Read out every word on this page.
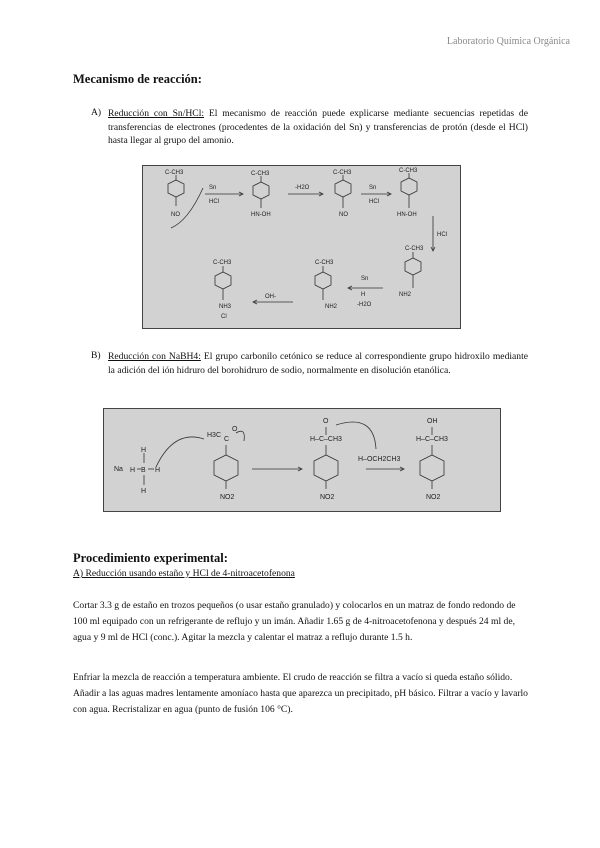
Laboratorio Química Orgánica
Mecanismo de reacción:
A) Reducción con Sn/HCl: El mecanismo de reacción puede explicarse mediante secuencias repetidas de transferencias de electrones (procedentes de la oxidación del Sn) y transferencias de protón (desde el HCl) hasta llegar al grupo del amonio.
C-CH3
NO
Sn
HCl
C-CH3
HN-OH
-H2O
C-CH3
NO
Sn
HCl
C-CH3
HN-OH
HCl
C-CH3
NH2
Sn
H
-H2O
C-CH3
NH2
OH-
C-CH3
NH3
Cl
B) Reducción con NaBH4: El grupo carbonilo cetónico se reduce al correspondiente grupo hidroxilo mediante la adición del ión hidruro del borohidruro de sodio, normalmente en disolución etanólica.
Na	B
H
H
H	H
H3C
C
O
NO2
O
H–C–CH3
NO2
H–OCH2CH3
OH
H–C–CH3
NO2
Procedimiento experimental:
A) Reducción usando estaño y HCl de 4-nitroacetofenona
Cortar 3.3 g de estaño en trozos pequeños (o usar estaño granulado) y colocarlos en un matraz de fondo redondo de 100 ml equipado con un refrigerante de reflujo y un imán. Añadir 1.65 g de 4-nitroacetofenona y después 24 ml de, agua y 9 ml de HCl (conc.). Agitar la mezcla y calentar el matraz a reflujo durante 1.5 h.
Enfriar la mezcla de reacción a temperatura ambiente. El crudo de reacción se filtra a vacío si queda estaño sólido. Añadir a las aguas madres lentamente amoníaco hasta que aparezca un precipitado, pH básico. Filtrar a vacío y lavarlo con agua. Recristalizar en agua (punto de fusión 106 °C).
